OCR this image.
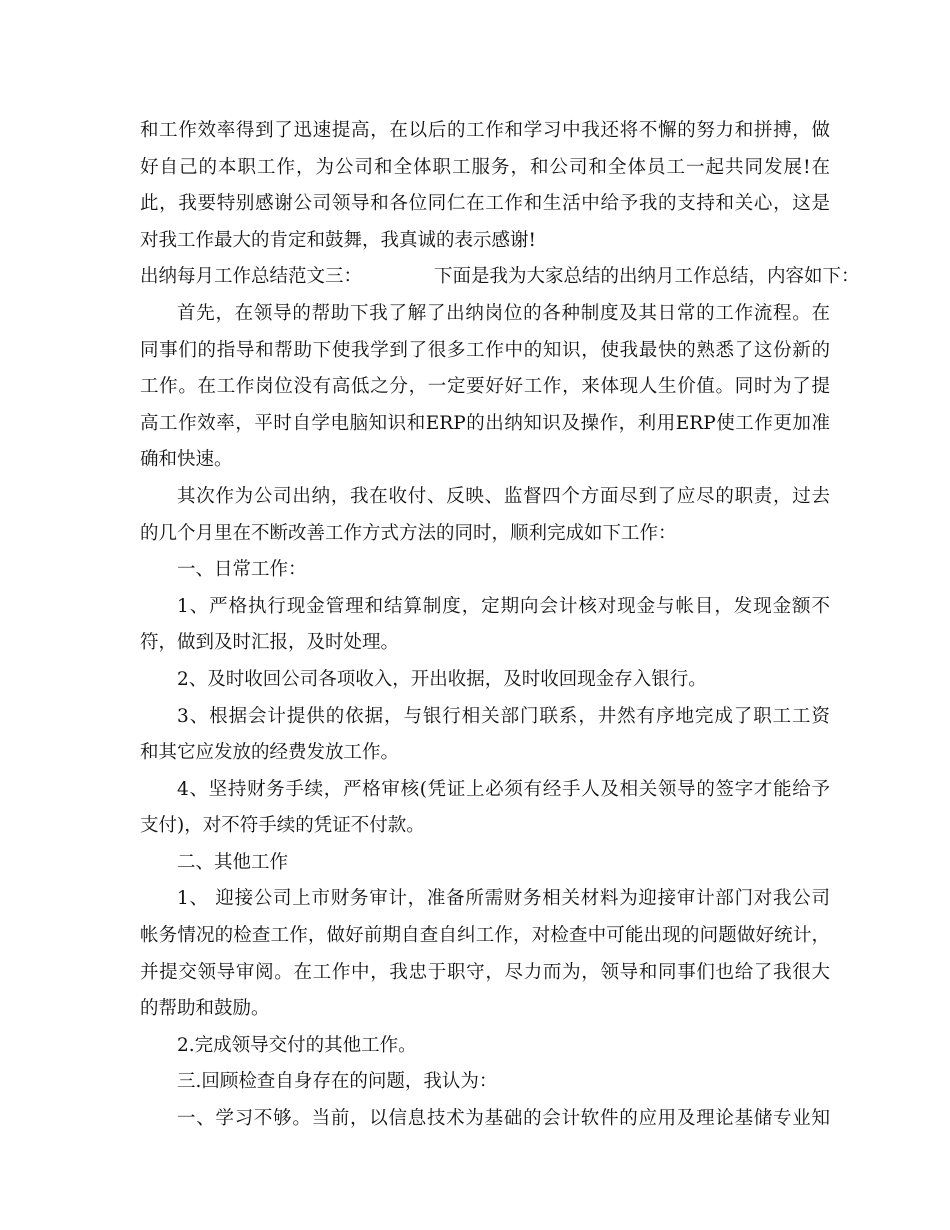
和工作效率得到了迅速提高，在以后的工作和学习中我还将不懈的努力和拼搏，做
好自己的本职工作，为公司和全体职工服务，和公司和全体员工一起共同发展!在
此，我要特别感谢公司领导和各位同仁在工作和生活中给予我的支持和关心，这是
对我工作最大的肯定和鼓舞，我真诚的表示感谢!
出纳每月工作总结范文三：	下面是我为大家总结的出纳月工作总结，内容如下：
首先，在领导的帮助下我了解了出纳岗位的各种制度及其日常的工作流程。在
同事们的指导和帮助下使我学到了很多工作中的知识，使我最快的熟悉了这份新的
工作。在工作岗位没有高低之分，一定要好好工作，来体现人生价值。同时为了提
高工作效率，平时自学电脑知识和ERP的出纳知识及操作，利用ERP使工作更加准
确和快速。
其次作为公司出纳，我在收付、反映、监督四个方面尽到了应尽的职责，过去
的几个月里在不断改善工作方式方法的同时，顺利完成如下工作：
一、日常工作：
1、严格执行现金管理和结算制度，定期向会计核对现金与帐目，发现金额不
符，做到及时汇报，及时处理。
2、及时收回公司各项收入，开出收据，及时收回现金存入银行。
3、根据会计提供的依据，与银行相关部门联系，井然有序地完成了职工工资
和其它应发放的经费发放工作。
4、坚持财务手续，严格审核(凭证上必须有经手人及相关领导的签字才能给予
支付)，对不符手续的凭证不付款。
二、其他工作
1、 迎接公司上市财务审计，准备所需财务相关材料为迎接审计部门对我公司
帐务情况的检查工作，做好前期自查自纠工作，对检查中可能出现的问题做好统计，
并提交领导审阅。在工作中，我忠于职守，尽力而为，领导和同事们也给了我很大
的帮助和鼓励。
2.完成领导交付的其他工作。
三.回顾检查自身存在的问题，我认为：
一、学习不够。当前，以信息技术为基础的会计软件的应用及理论基储专业知
